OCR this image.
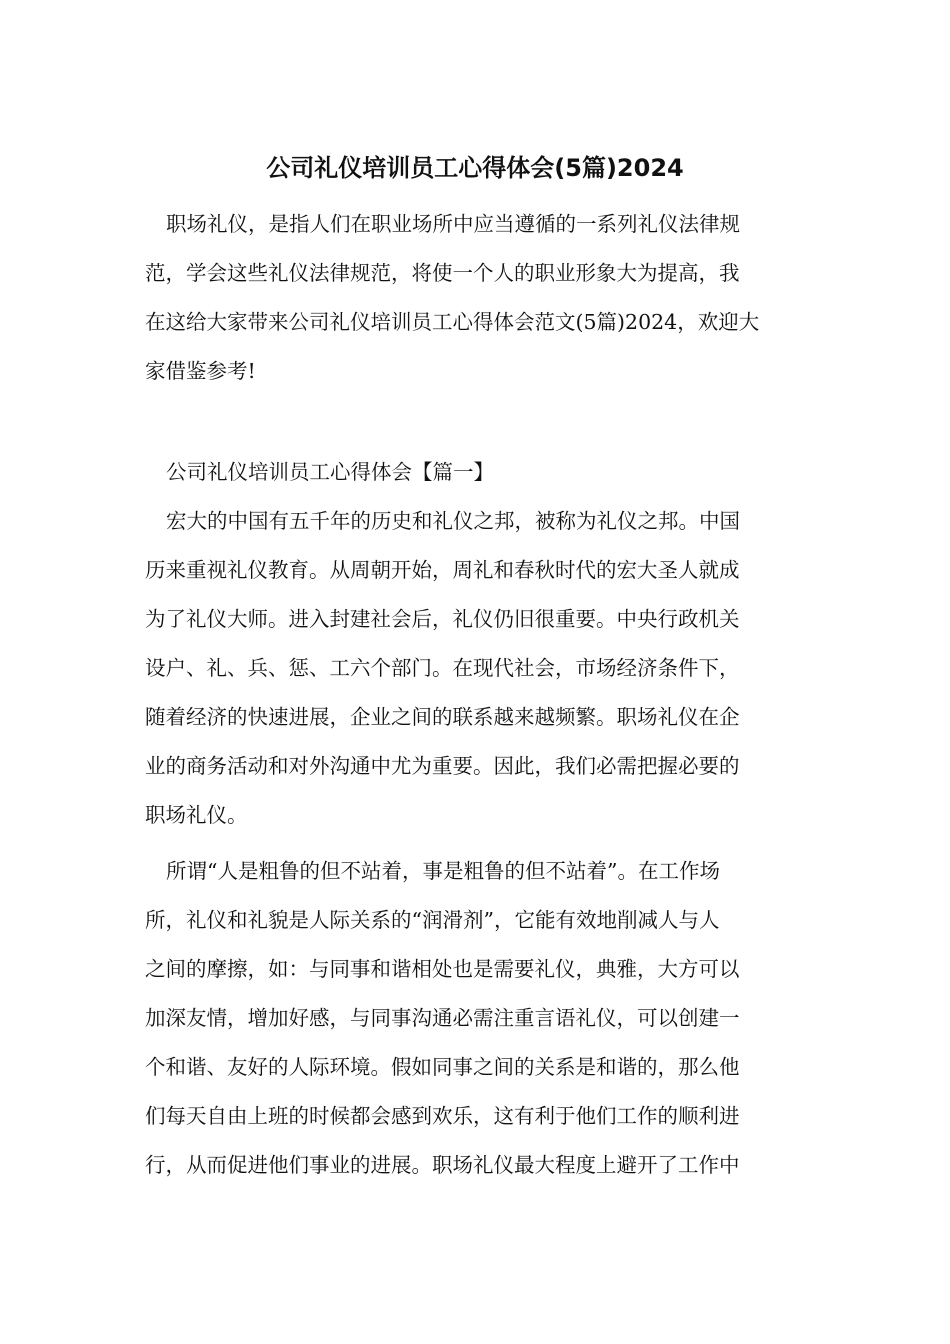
公司礼仪培训员工心得体会(5篇)2024
职场礼仪，是指人们在职业场所中应当遵循的一系列礼仪法律规
范，学会这些礼仪法律规范，将使一个人的职业形象大为提高，我
在这给大家带来公司礼仪培训员工心得体会范文(5篇)2024，欢迎大
家借鉴参考!
公司礼仪培训员工心得体会【篇一】
宏大的中国有五千年的历史和礼仪之邦，被称为礼仪之邦。中国
历来重视礼仪教育。从周朝开始，周礼和春秋时代的宏大圣人就成
为了礼仪大师。进入封建社会后，礼仪仍旧很重要。中央行政机关
设户、礼、兵、惩、工六个部门。在现代社会，市场经济条件下，
随着经济的快速进展，企业之间的联系越来越频繁。职场礼仪在企
业的商务活动和对外沟通中尤为重要。因此，我们必需把握必要的
职场礼仪。
所谓“人是粗鲁的但不站着，事是粗鲁的但不站着”。在工作场
所，礼仪和礼貌是人际关系的“润滑剂”，它能有效地削减人与人
之间的摩擦，如：与同事和谐相处也是需要礼仪，典雅，大方可以
加深友情，增加好感，与同事沟通必需注重言语礼仪，可以创建一
个和谐、友好的人际环境。假如同事之间的关系是和谐的，那么他
们每天自由上班的时候都会感到欢乐，这有利于他们工作的顺利进
行，从而促进他们事业的进展。职场礼仪最大程度上避开了工作中
